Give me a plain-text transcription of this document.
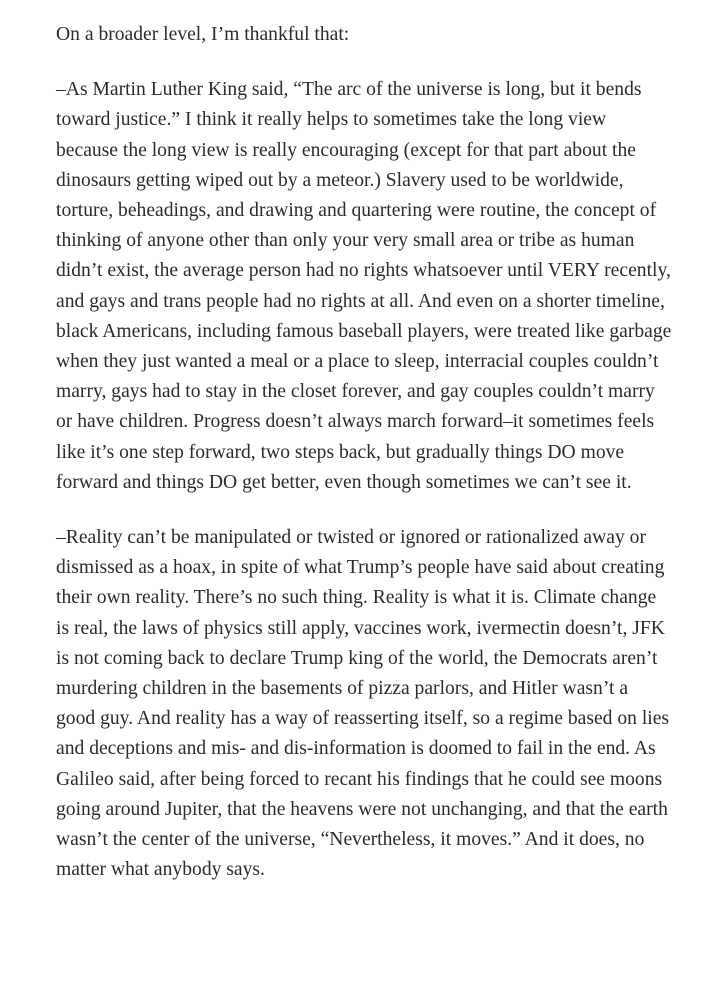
On a broader level, I’m thankful that:

–As Martin Luther King said, “The arc of the universe is long, but it bends toward justice.” I think it really helps to sometimes take the long view because the long view is really encouraging (except for that part about the dinosaurs getting wiped out by a meteor.) Slavery used to be worldwide, torture, beheadings, and drawing and quartering were routine, the concept of thinking of anyone other than only your very small area or tribe as human didn’t exist, the average person had no rights whatsoever until VERY recently, and gays and trans people had no rights at all. And even on a shorter timeline, black Americans, including famous baseball players, were treated like garbage when they just wanted a meal or a place to sleep, interracial couples couldn’t marry, gays had to stay in the closet forever, and gay couples couldn’t marry or have children. Progress doesn’t always march forward–it sometimes feels like it’s one step forward, two steps back, but gradually things DO move forward and things DO get better, even though sometimes we can’t see it.

–Reality can’t be manipulated or twisted or ignored or rationalized away or dismissed as a hoax, in spite of what Trump’s people have said about creating their own reality. There’s no such thing. Reality is what it is. Climate change is real, the laws of physics still apply, vaccines work, ivermectin doesn’t, JFK is not coming back to declare Trump king of the world, the Democrats aren’t murdering children in the basements of pizza parlors, and Hitler wasn’t a good guy. And reality has a way of reasserting itself, so a regime based on lies and deceptions and mis- and dis-information is doomed to fail in the end. As Galileo said, after being forced to recant his findings that he could see moons going around Jupiter, that the heavens were not unchanging, and that the earth wasn’t the center of the universe, “Nevertheless, it moves.” And it does, no matter what anybody says.
